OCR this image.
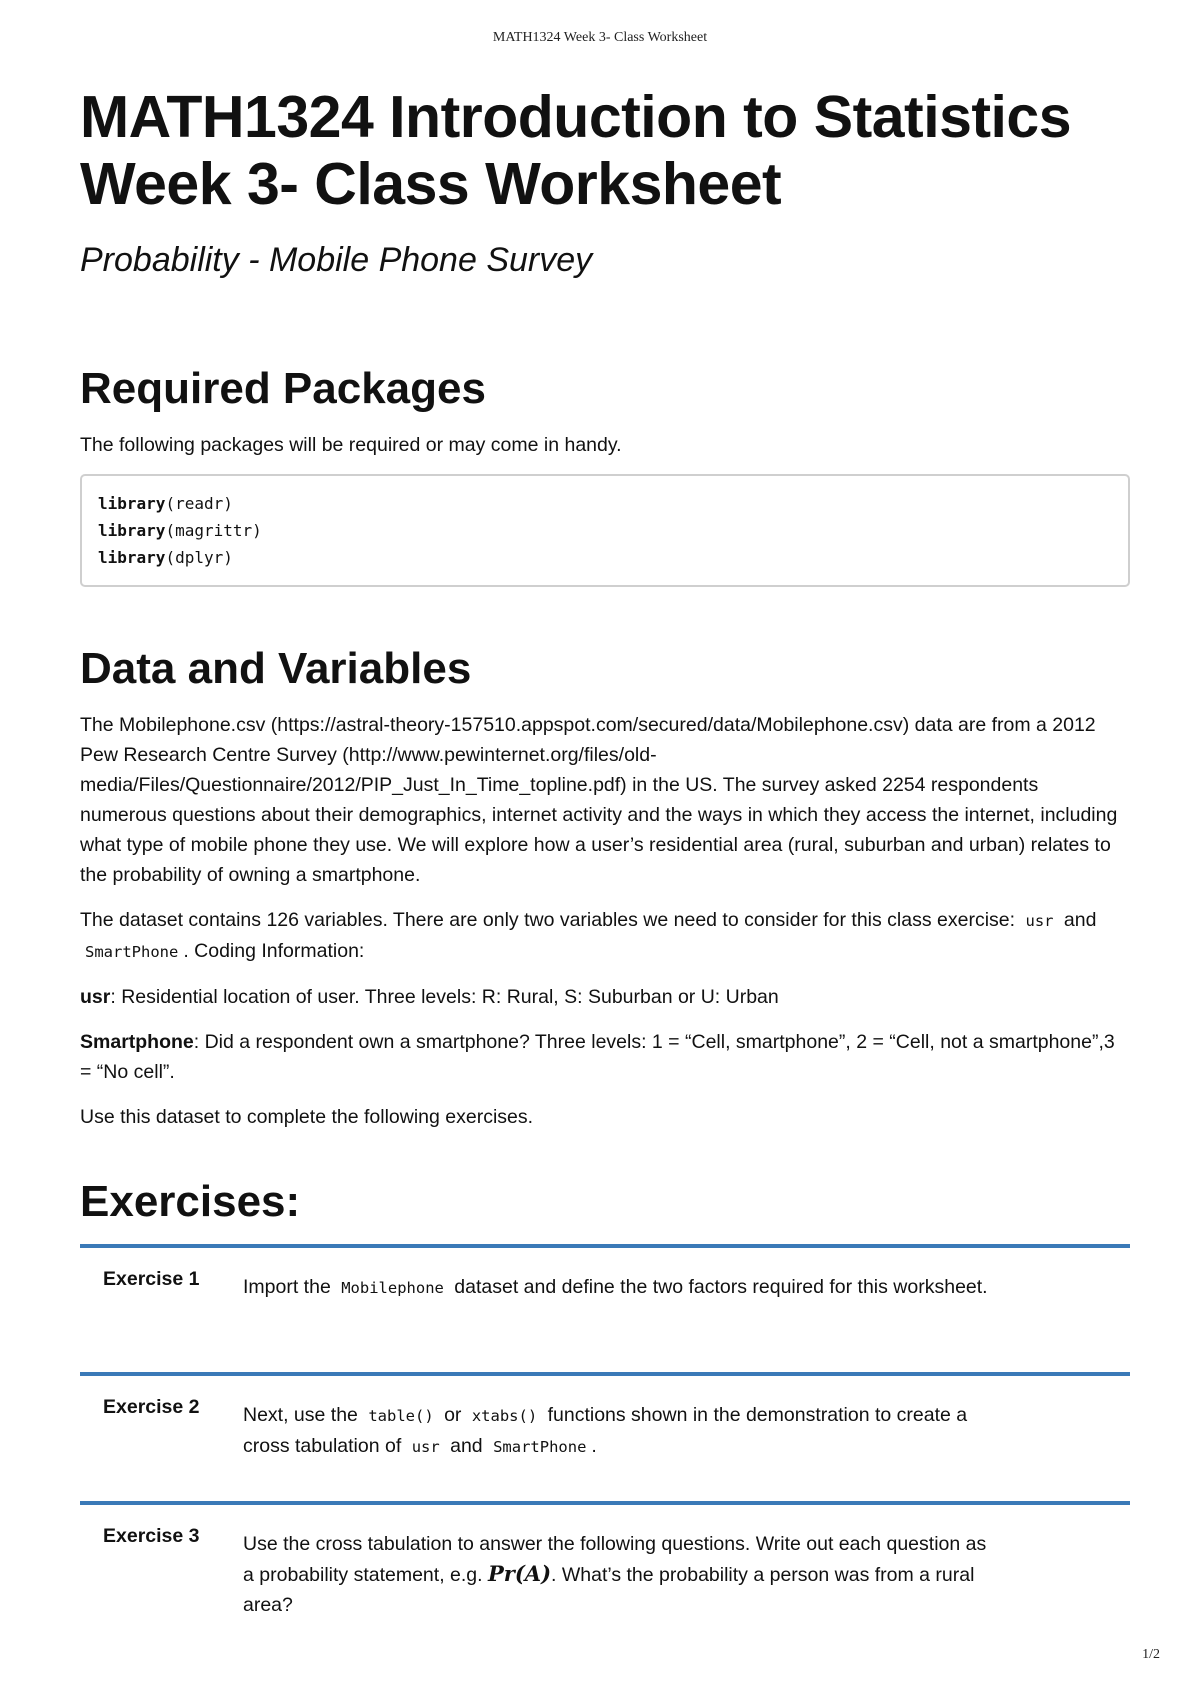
MATH1324 Week 3- Class Worksheet
MATH1324 Introduction to Statistics
Week 3- Class Worksheet
Probability - Mobile Phone Survey
Required Packages

The following packages will be required or may come in handy.

library(readr)
library(magrittr)
library(dplyr)
Data and Variables

The Mobilephone.csv (https://astral-theory-157510.appspot.com/secured/data/Mobilephone.csv) data are from a 2012 Pew Research Centre Survey (http://www.pewinternet.org/files/old-media/Files/Questionnaire/2012/PIP_Just_In_Time_topline.pdf) in the US. The survey asked 2254 respondents numerous questions about their demographics, internet activity and the ways in which they access the internet, including what type of mobile phone they use. We will explore how a user’s residential area (rural, suburban and urban) relates to the probability of owning a smartphone.

The dataset contains 126 variables. There are only two variables we need to consider for this class exercise: usr and SmartPhone . Coding Information:

usr: Residential location of user. Three levels: R: Rural, S: Suburban or U: Urban

Smartphone: Did a respondent own a smartphone? Three levels: 1 = “Cell, smartphone”, 2 = “Cell, not a smartphone”,3 = “No cell”.

Use this dataset to complete the following exercises.

Exercises:
Exercise 1	Import the Mobilephone dataset and define the two factors required for this worksheet.
Exercise 2	Next, use the table() or xtabs() functions shown in the demonstration to create a cross tabulation of usr and SmartPhone .
Exercise 3	Use the cross tabulation to answer the following questions. Write out each question as a probability statement, e.g. Pr(A). What’s the probability a person was from a rural area?
1/2
